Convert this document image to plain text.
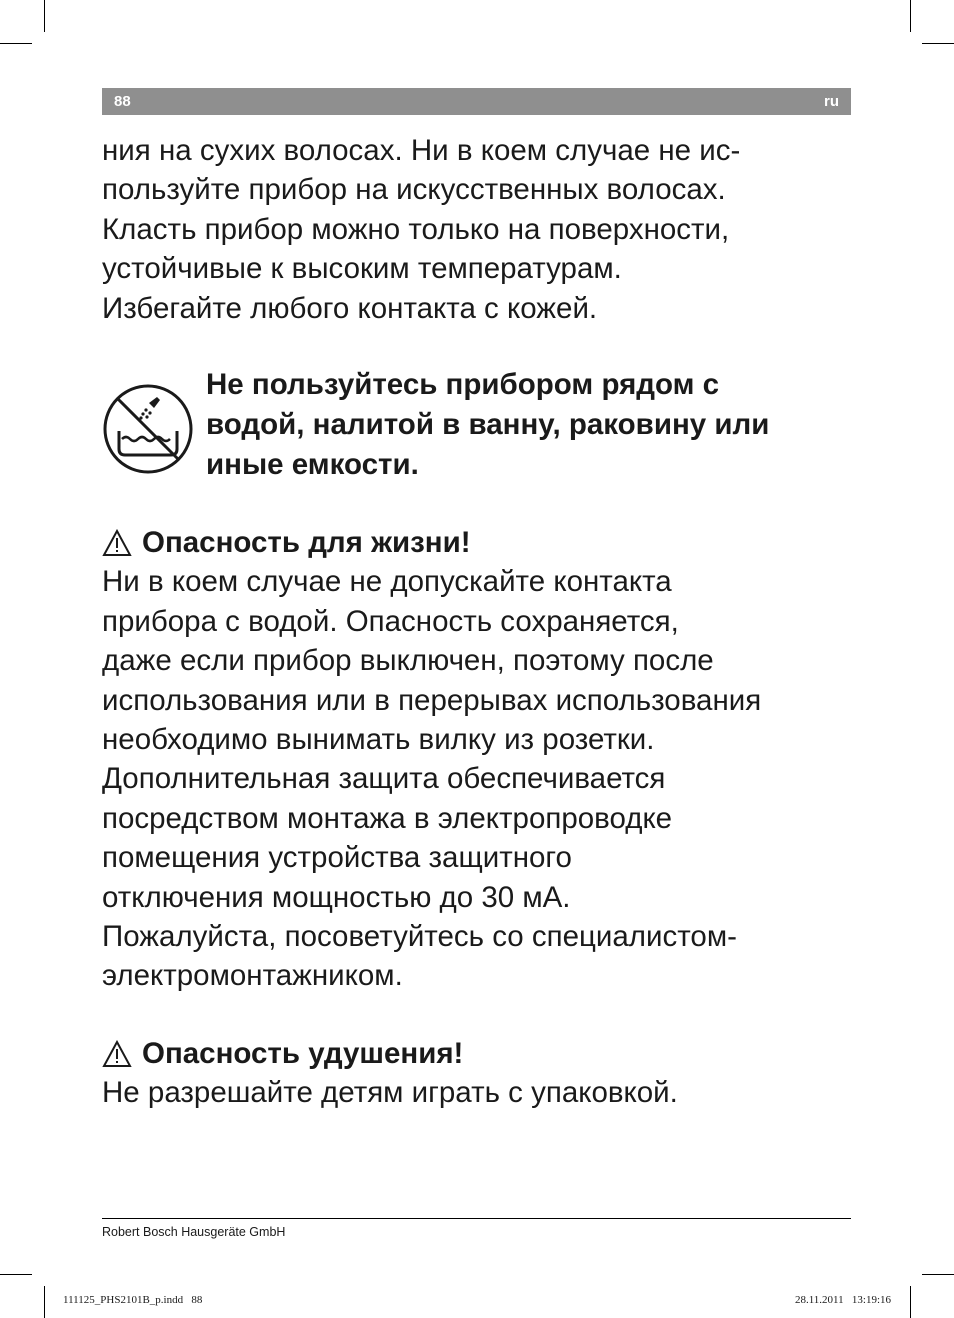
88	ru

ния на сухих волосах. Ни в коем случае не ис-
пользуйте прибор на искусственных волосах.
Класть прибор можно только на поверхности,
устойчивые к высоким температурам.
Избегайте любого контакта с кожей.

Не пользуйтесь прибором рядом с
водой, налитой в ванну, раковину или
иные емкости.

Опасность для жизни!

Ни в коем случае не допускайте контакта
прибора с водой. Опасность сохраняется,
даже если прибор выключен, поэтому после
использования или в перерывах использования
необходимо вынимать вилку из розетки.
Дополнительная защита обеспечивается
посредством монтажа в электропроводке
помещения устройства защитного
отключения мощностью до 30 мА.
Пожалуйста, посоветуйтесь со специалистом-
электромонтажником.

Опасность удушения!

Не разрешайте детям играть с упаковкой.

Robert Bosch Hausgeräte GmbH
111125_PHS2101B_p.indd   88	28.11.2011   13:19:16
